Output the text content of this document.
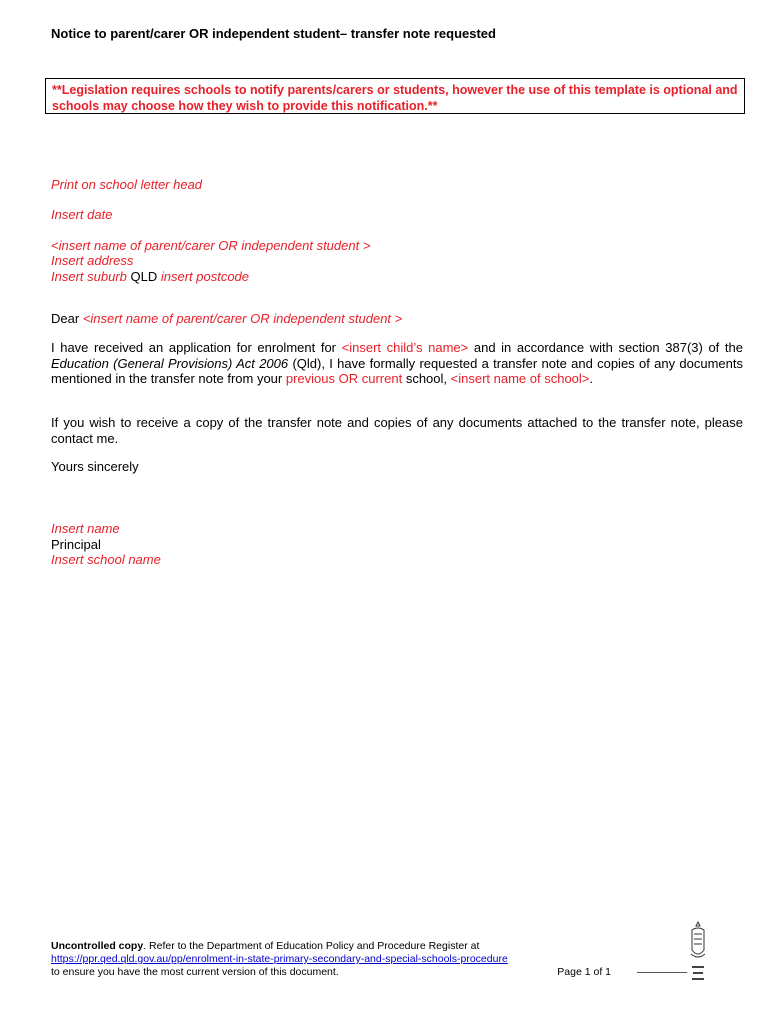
Notice to parent/carer OR independent student– transfer note requested
**Legislation requires schools to notify parents/carers or students, however the use of this template is optional and schools may choose how they wish to provide this notification.**
Print on school letter head
Insert date
<insert name of parent/carer OR independent student >
Insert address
Insert suburb QLD insert postcode
Dear <insert name of parent/carer OR independent student >
I have received an application for enrolment for <insert child’s name> and in accordance with section 387(3) of the Education (General Provisions) Act 2006 (Qld), I have formally requested a transfer note and copies of any documents mentioned in the transfer note from your previous OR current school, <insert name of school>.
If you wish to receive a copy of the transfer note and copies of any documents attached to the transfer note, please contact me.
Yours sincerely
Insert name
Principal
Insert school name
Uncontrolled copy. Refer to the Department of Education Policy and Procedure Register at
https://ppr.qed.qld.gov.au/pp/enrolment-in-state-primary-secondary-and-special-schools-procedure
to ensure you have the most current version of this document.	Page 1 of 1
